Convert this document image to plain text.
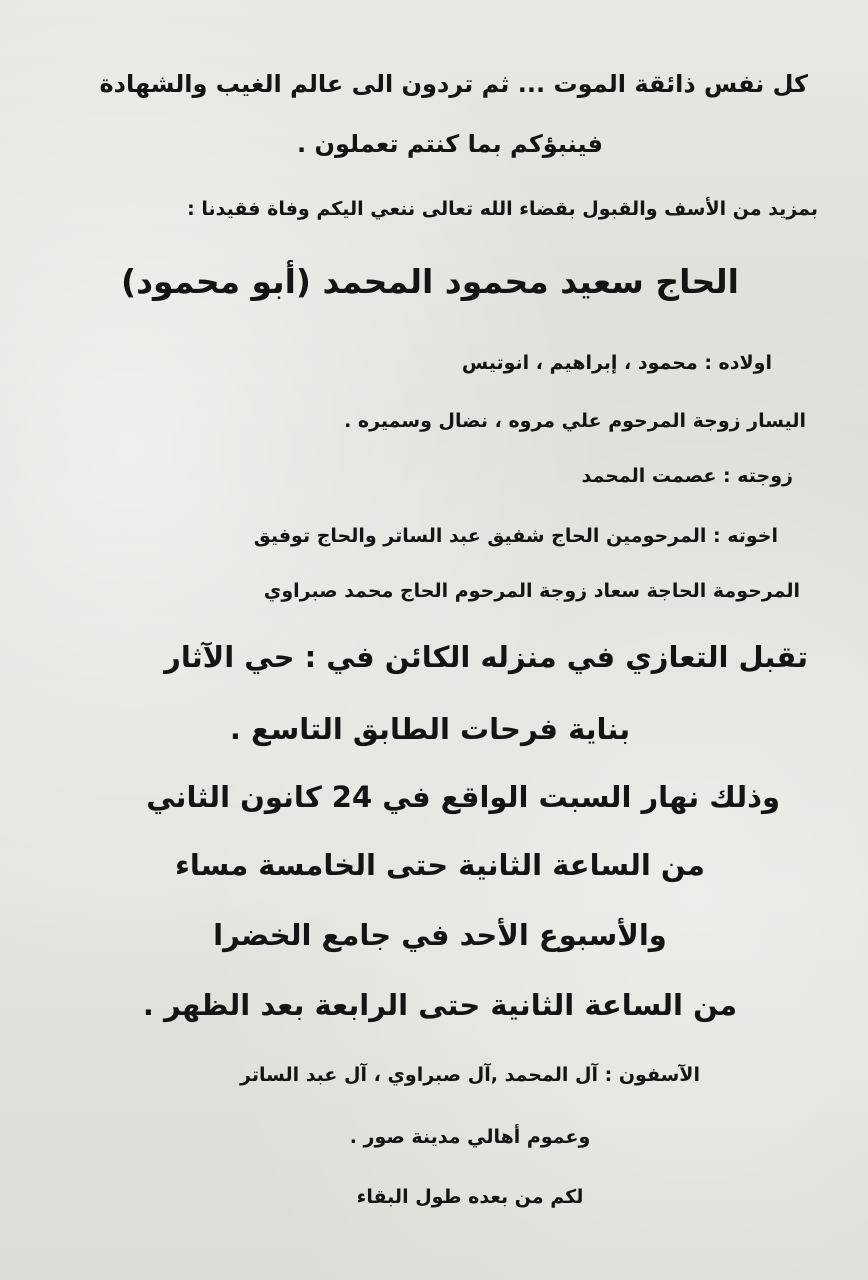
كل نفس ذائقة الموت ... ثم تردون الى عالم الغيب والشهادة
فينبؤكم بما كنتم تعملون .
بمزيد من الأسف والقبول بقضاء الله تعالى ننعي اليكم وفاة فقيدنا :
الحاج سعيد محمود المحمد (أبو محمود)
اولاده : محمود ، إبراهيم ، انوتيس
اليسار زوجة المرحوم علي مروه ، نضال وسميره .
زوجته : عصمت المحمد
اخوته : المرحومين الحاج شفيق عبد الساتر والحاج توفيق
المرحومة الحاجة سعاد زوجة المرحوم الحاج محمد صبراوي
تقبل التعازي في منزله الكائن في : حي الآثار
بناية فرحات الطابق التاسع .
وذلك نهار السبت الواقع في 24 كانون الثاني
من الساعة الثانية حتى الخامسة مساء
والأسبوع الأحد في جامع الخضرا
من الساعة الثانية حتى الرابعة بعد الظهر .
الآسفون : آل المحمد ,آل صبراوي ، آل عبد الساتر
وعموم أهالي مدينة صور .
لكم من بعده طول البقاء
